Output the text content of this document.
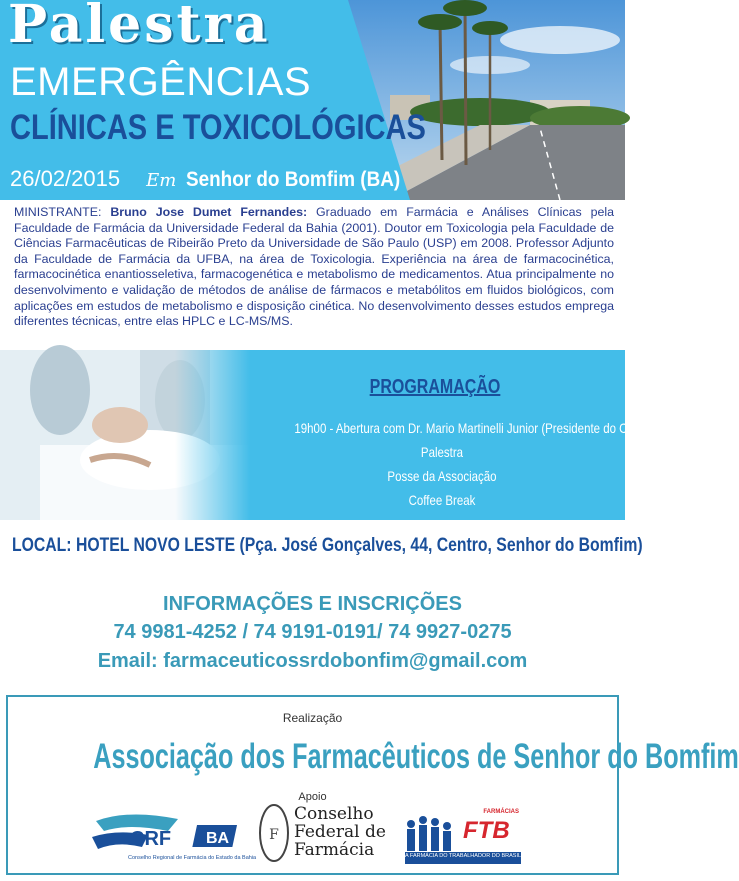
Palestra
EMERGÊNCIAS
CLÍNICAS E TOXICOLÓGICAS
26/02/2015 Em Senhor do Bomfim (BA)
MINISTRANTE: Bruno Jose Dumet Fernandes: Graduado em Farmácia e Análises Clínicas pela Faculdade de Farmácia da Universidade Federal da Bahia (2001). Doutor em Toxicologia pela Faculdade de Ciências Farmacêuticas de Ribeirão Preto da Universidade de São Paulo (USP) em 2008. Professor Adjunto da Faculdade de Farmácia da UFBA, na área de Toxicologia. Experiência na área de farmacocinética, farmacocinética enantiosseletiva, farmacogenética e metabolismo de medicamentos. Atua principalmente no desenvolvimento e validação de métodos de análise de fármacos e metabólitos em fluidos biológicos, com aplicações em estudos de metabolismo e disposição cinética. No desenvolvimento desses estudos emprega diferentes técnicas, entre elas HPLC e LC-MS/MS.
PROGRAMAÇÃO
19h00 - Abertura com Dr. Mario Martinelli Junior (Presidente do CRF-BA)
Palestra
Posse da Associação
Coffee Break
LOCAL: HOTEL NOVO LESTE (Pça. José Gonçalves, 44, Centro, Senhor do Bomfim)
INFORMAÇÕES E INSCRIÇÕES
74 9981-4252 / 74 9191-0191/ 74 9927-0275
Email: farmaceuticossrdobonfim@gmail.com
Realização
Associação dos Farmacêuticos de Senhor do Bomfim
Apoio
CRF BA
Conselho Regional de Farmácia do Estado da Bahia
F
Conselho
Federal de
Farmácia
FARMÁCIAS
FTB
A FARMÁCIA DO TRABALHADOR DO BRASIL
